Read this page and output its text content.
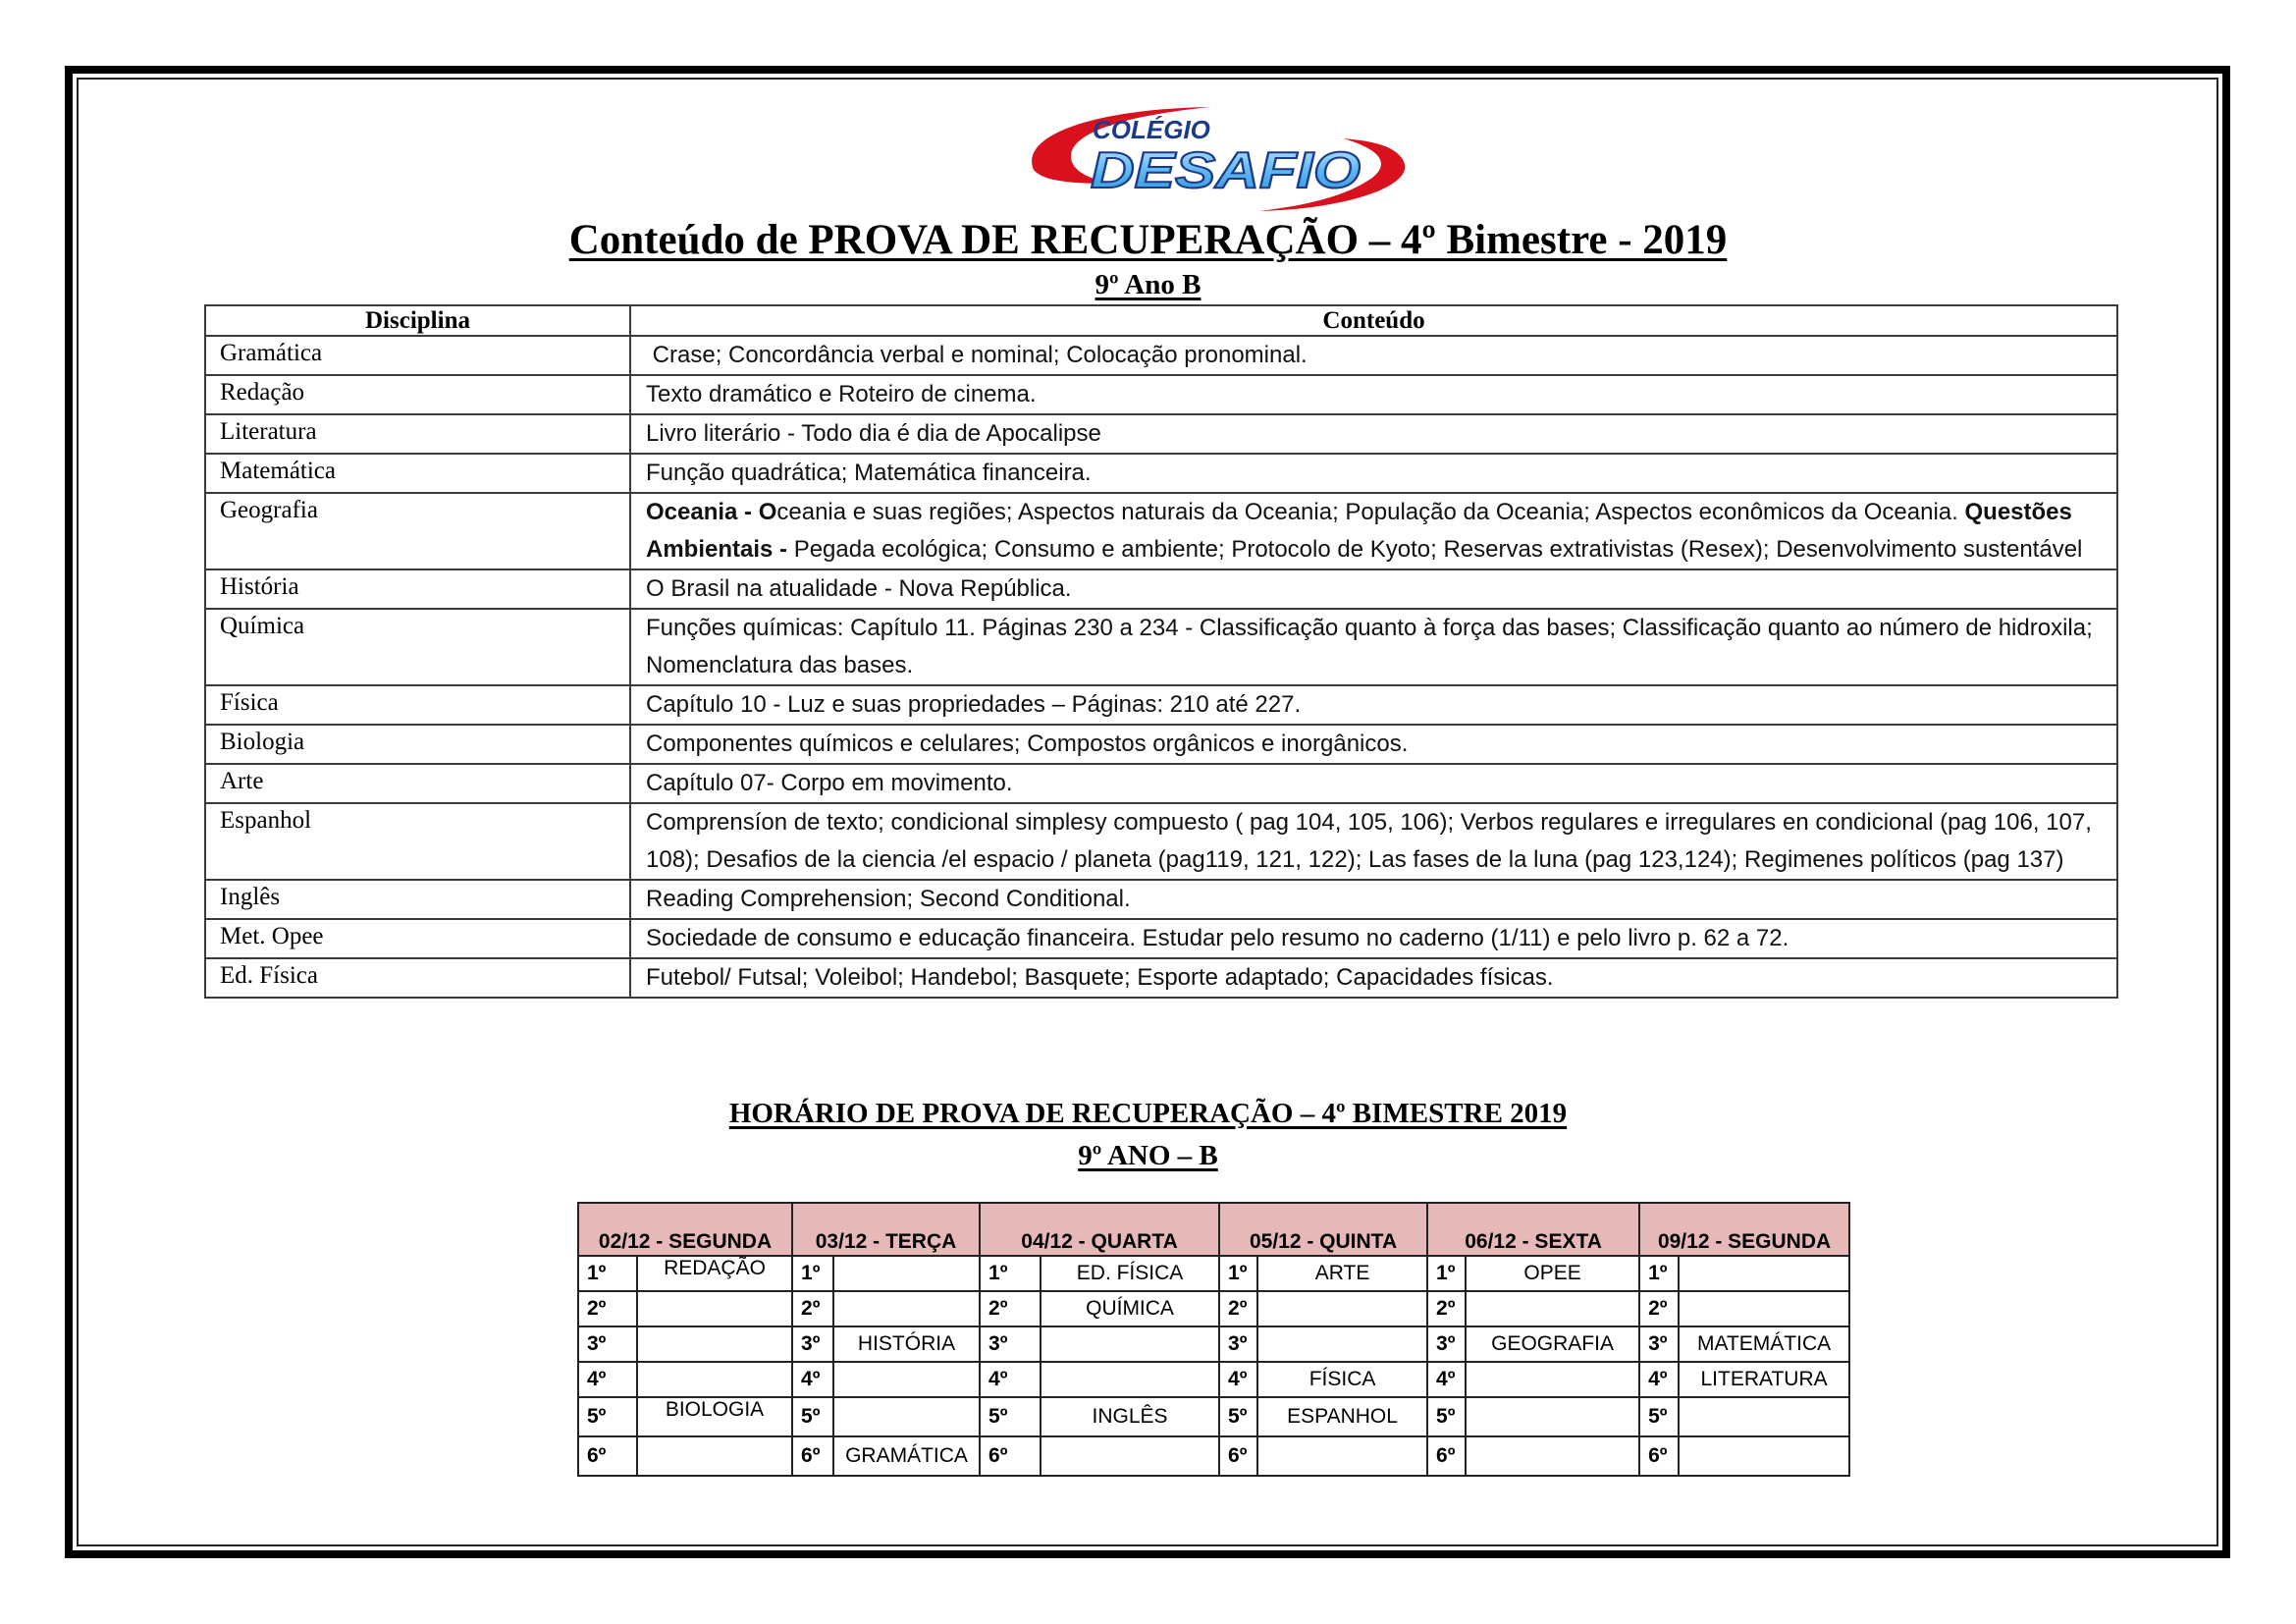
COLÉGIO
DESAFIO
Conteúdo de PROVA DE RECUPERAÇÃO – 4º Bimestre - 2019
9º Ano B
Disciplina	Conteúdo
Gramática	Crase; Concordância verbal e nominal; Colocação pronominal.
Redação	Texto dramático e Roteiro de cinema.
Literatura	Livro literário - Todo dia é dia de Apocalipse
Matemática	Função quadrática; Matemática financeira.
Geografia	Oceania - Oceania e suas regiões; Aspectos naturais da Oceania; População da Oceania; Aspectos econômicos da Oceania. Questões Ambientais - Pegada ecológica; Consumo e ambiente; Protocolo de Kyoto; Reservas extrativistas (Resex); Desenvolvimento sustentável
História	O Brasil na atualidade - Nova República.
Química	Funções químicas: Capítulo 11. Páginas 230 a 234 - Classificação quanto à força das bases; Classificação quanto ao número de hidroxila; Nomenclatura das bases.
Física	Capítulo 10 - Luz e suas propriedades – Páginas: 210 até 227.
Biologia	Componentes químicos e celulares; Compostos orgânicos e inorgânicos.
Arte	Capítulo 07- Corpo em movimento.
Espanhol	Comprensíon de texto; condicional simplesy compuesto ( pag 104, 105, 106); Verbos regulares e irregulares en condicional (pag 106, 107, 108); Desafios de la ciencia /el espacio / planeta (pag119, 121, 122); Las fases de la luna (pag 123,124); Regimenes políticos (pag 137)
Inglês	Reading Comprehension; Second Conditional.
Met. Opee	Sociedade de consumo e educação financeira. Estudar pelo resumo no caderno (1/11) e pelo livro p. 62 a 72.
Ed. Física	Futebol/ Futsal; Voleibol; Handebol; Basquete; Esporte adaptado; Capacidades físicas.
HORÁRIO DE PROVA DE RECUPERAÇÃO – 4º BIMESTRE 2019
9º ANO – B
02/12 - SEGUNDA		03/12 - TERÇA		04/12 - QUARTA		05/12 - QUINTA		06/12 - SEXTA		09/12 - SEGUNDA	
1º	REDAÇÃO	1º		1º	ED. FÍSICA	1º	ARTE	1º	OPEE	1º	
2º		2º		2º	QUÍMICA	2º		2º		2º	
3º		3º	HISTÓRIA	3º		3º		3º	GEOGRAFIA	3º	MATEMÁTICA
4º		4º		4º		4º	FÍSICA	4º		4º	LITERATURA
5º	BIOLOGIA	5º		5º	INGLÊS	5º	ESPANHOL	5º		5º	
6º		6º	GRAMÁTICA	6º		6º		6º		6º	
